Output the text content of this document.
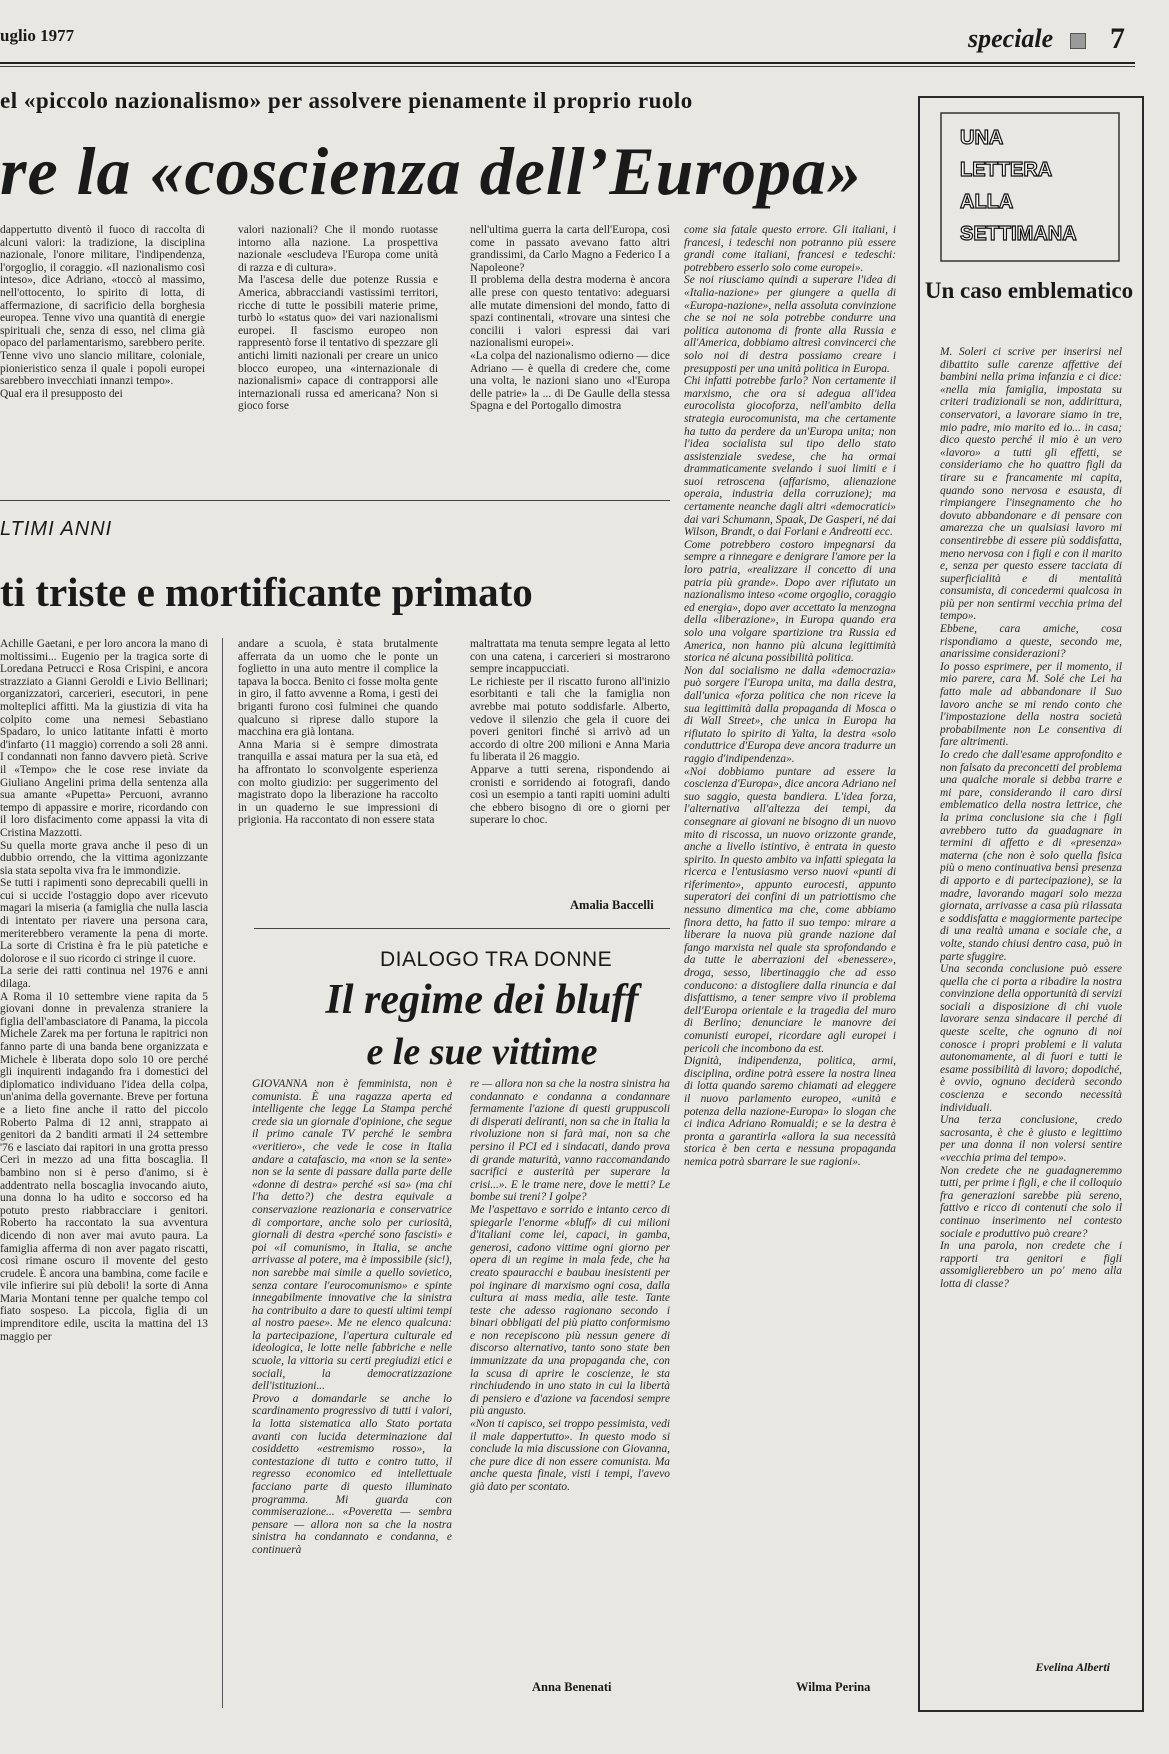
uglio 1977	speciale 7
el «piccolo nazionalismo» per assolvere pienamente il proprio ruolo
re la «coscienza dell’Europa»
dappertutto diventò il fuoco di raccolta di alcuni valori: la tradizione, la disciplina nazionale, l'onore militare, l'indipendenza, l'orgoglio, il coraggio. «Il nazionalismo così inteso», dice Adriano, «toccò al massimo, nell'ottocento, lo spirito di lotta, di affermazione, di sacrificio della borghesia europea. Tenne vivo una quantità di energie spirituali che, senza di esso, nel clima già opaco del parlamentarismo, sarebbero perite. Tenne vivo uno slancio militare, coloniale, pionieristico senza il quale i popoli europei sarebbero invecchiati innanzi tempo».
Qual era il presupposto dei
valori nazionali? Che il mondo ruotasse intorno alla nazione. La prospettiva nazionale «escludeva l'Europa come unità di razza e di cultura».
Ma l'ascesa delle due potenze Russia e America, abbracciandi vastissimi territori, ricche di tutte le possibili materie prime, turbò lo «status quo» dei vari nazionalismi europei. Il fascismo europeo non rappresentò forse il tentativo di spezzare gli antichi limiti nazionali per creare un unico blocco europeo, una «internazionale di nazionalismi» capace di contrapporsi alle internazionali russa ed americana? Non si gioco forse
nell'ultima guerra la carta dell'Europa, così come in passato avevano fatto altri grandissimi, da Carlo Magno a Federico I a Napoleone?
Il problema della destra moderna è ancora alle prese con questo tentativo: adeguarsi alle mutate dimensioni del mondo, fatto di spazi continentali, «trovare una sintesi che concilii i valori espressi dai vari nazionalismi europei».
«La colpa del nazionalismo odierno — dice Adriano — è quella di credere che, come una volta, le nazioni siano uno «l'Europa delle patrie» la ... di De Gaulle della stessa Spagna e del Portogallo dimostra
come sia fatale questo errore. Gli italiani, i francesi, i tedeschi non potranno più essere grandi come italiani, francesi e tedeschi: potrebbero esserlo solo come europei».
Se noi riusciamo quindi a superare l'idea di «Italia-nazione» per giungere a quella di «Europa-nazione», nella assoluta convinzione che se noi ne sola potrebbe condurre una politica autonoma di fronte alla Russia e all'America, dobbiamo altresì convincerci che solo noi di destra possiamo creare i presupposti per una unità politica in Europa.
Chi infatti potrebbe farlo? Non certamente il marxismo, che ora si adegua all'idea eurocolista giocoforza, nell'ambito della strategia eurocomunista, ma che certamente ha tutto da perdere da un'Europa unita; non l'idea socialista sul tipo dello stato assistenziale svedese, che ha ormai drammaticamente svelando i suoi limiti e i suoi retroscena (affarismo, alienazione operaia, industria della corruzione); ma certamente neanche dagli altri «democratici» dai vari Schumann, Spaak, De Gasperi, né dai Wilson, Brandt, o dai Forlani e Andreotti ecc.
Come potrebbero costoro impegnarsi da sempre a rinnegare e denigrare l'amore per la loro patria, «realizzare il concetto di una patria più grande». Dopo aver rifiutato un nazionalismo inteso «come orgoglio, coraggio ed energia», dopo aver accettato la menzogna della «liberazione», in Europa quando era solo una volgare spartizione tra Russia ed America, non hanno più alcuna legittimità storica né alcuna possibilità politica.
Non dal socialismo ne dalla «democrazia» può sorgere l'Europa unita, ma dalla destra, dall'unica «forza politica che non riceve la sua legittimità dalla propaganda di Mosca o di Wall Street», che unica in Europa ha rifiutato lo spirito di Yalta, la destra «solo conduttrice d'Europa deve ancora tradurre un raggio d'indipendenza».
«Noi dobbiamo puntare ad essere la coscienza d'Europa», dice ancora Adriano nel suo saggio, questa bandiera. L'idea forza, l'alternativa all'altezza dei tempi, da consegnare ai giovani ne bisogno di un nuovo mito di riscossa, un nuovo orizzonte grande, anche a livello istintivo, è entrata in questo spirito. In questo ambito va infatti spiegata la ricerca e l'entusiasmo verso nuovi «punti di riferimento», appunto eurocesti, appunto superatori dei confini di un patriottismo che nessuno dimentica ma che, come abbiamo finora detto, ha fatto il suo tempo: mirare a liberare la nuova più grande nazione dal fango marxista nel quale sta sprofondando e da tutte le aberrazioni del «benessere», droga, sesso, libertinaggio che ad esso conducono: a distogliere dalla rinuncia e dal disfattismo, a tener sempre vivo il problema dell'Europa orientale e la tragedia del muro di Berlino; denunciare le manovre dei comunisti europei, ricordare agli europei i pericoli che incombono da est.
Dignità, indipendenza, politica, armi, disciplina, ordine potrà essere la nostra linea di lotta quando saremo chiamati ad eleggere il nuovo parlamento europeo, «unità e potenza della nazione-Europa» lo slogan che ci indica Adriano Romualdi; e se la destra è pronta a garantirla «allora la sua necessità storica è ben certa e nessuna propaganda nemica potrà sbarrare le sue ragioni».
Wilma Perina
LTIMI ANNI
ti triste e mortificante primato
Achille Gaetani, e per loro ancora la mano di moltissimi... Eugenio per la tragica sorte di Loredana Petrucci e Rosa Crispini, e ancora strazziato a Gianni Geroldi e Livio Bellinari; organizzatori, carcerieri, esecutori, in pene molteplici affitti. Ma la giustizia di vita ha colpito come una nemesi Sebastiano Spadaro, lo unico latitante infatti è morto d'infarto (11 maggio) correndo a soli 28 anni. I condannati non fanno davvero pietà. Scrive il «Tempo» che le cose rese inviate da Giuliano Angelini prima della sentenza alla sua amante «Pupetta» Percuoni, avranno tempo di appassire e morire, ricordando con il loro disfacimento come appassi la vita di Cristina Mazzotti.
Su quella morte grava anche il peso di un dubbio orrendo, che la vittima agonizzante sia stata sepolta viva fra le immondizie.
Se tutti i rapimenti sono deprecabili quelli in cui si uccide l'ostaggio dopo aver ricevuto magari la miseria (a famiglia che nulla lascia di intentato per riavere una persona cara, meriterebbero veramente la pena di morte. La sorte di Cristina è fra le più patetiche e dolorose e il suo ricordo ci stringe il cuore.
La serie dei ratti continua nel 1976 e anni dilaga.
A Roma il 10 settembre viene rapita da 5 giovani donne in prevalenza straniere la figlia dell'ambasciatore di Panama, la piccola Michele Zarek ma per fortuna le rapitrici non fanno parte di una banda bene organizzata e Michele è liberata dopo solo 10 ore perché gli inquirenti indagando fra i domestici del diplomatico individuano l'idea della colpa, un'anima della governante. Breve per fortuna e a lieto fine anche il ratto del piccolo Roberto Palma di 12 anni, strappato ai genitori da 2 banditi armati il 24 settembre '76 e lasciato dai rapitori in una grotta presso Ceri in mezzo ad una fitta boscaglia. Il bambino non si è perso d'animo, si è addentrato nella boscaglia invocando aiuto, una donna lo ha udito e soccorso ed ha potuto presto riabbracciare i genitori. Roberto ha raccontato la sua avventura dicendo di non aver mai avuto paura. La famiglia afferma di non aver pagato riscatti, così rimane oscuro il movente del gesto crudele. È ancora una bambina, come facile e vile infierire sui più deboli! la sorte di Anna Maria Montani tenne per qualche tempo col fiato sospeso. La piccola, figlia di un imprenditore edile, uscita la mattina del 13 maggio per
andare a scuola, è stata brutalmente afferrata da un uomo che le ponte un foglietto in una auto mentre il complice la tapava la bocca. Benito ci fosse molta gente in giro, il fatto avvenne a Roma, i gesti dei briganti furono così fulminei che quando qualcuno si riprese dallo stupore la macchina era già lontana.
Anna Maria si è sempre dimostrata tranquilla e assai matura per la sua età, ed ha affrontato lo sconvolgente esperienza con molto giudizio: per suggerimento del magistrato dopo la liberazione ha raccolto in un quaderno le sue impressioni di prigionia. Ha raccontato di non essere stata
maltrattata ma tenuta sempre legata al letto con una catena, i carcerieri si mostrarono sempre incappucciati.
Le richieste per il riscatto furono all'inizio esorbitanti e tali che la famiglia non avrebbe mai potuto soddisfarle. Alberto, vedove il silenzio che gela il cuore dei poveri genitori finché si arrivò ad un accordo di oltre 200 milioni e Anna Maria fu liberata il 26 maggio.
Apparve a tutti serena, rispondendo ai cronisti e sorridendo ai fotografi, dando così un esempio a tanti rapiti uomini adulti che ebbero bisogno di ore o giorni per superare lo choc.
Amalia Baccelli
DIALOGO TRA DONNE
Il regime dei bluff
e le sue vittime
GIOVANNA non è femminista, non è comunista. È una ragazza aperta ed intelligente che legge La Stampa perché crede sia un giornale d'opinione, che segue il primo canale TV perché le sembra «veritiero», che vede le cose in Italia andare a catafascio, ma «non se la sente» non se la sente di passare dalla parte delle «donne di destra» perché «si sa» (ma chi l'ha detto?) che destra equivale a conservazione reazionaria e conservatrice di comportare, anche solo per curiosità, giornali di destra «perché sono fascisti» e poi «il comunismo, in Italia, se anche arrivasse al potere, ma è impossibile (sic!), non sarebbe mai simile a quello sovietico, senza contare l'eurocomunismo» e spinte innegabilmente innovative che la sinistra ha contribuito a dare to questi ultimi tempi al nostro paese». Me ne elenco qualcuna: la partecipazione, l'apertura culturale ed ideologica, le lotte nelle fabbriche e nelle scuole, la vittoria su certi pregiudizi etici e sociali, la democratizzazione dell'istituzioni...
Provo a domandarle se anche lo scardinamento progressivo di tutti i valori, la lotta sistematica allo Stato portata avanti con lucida determinazione dal cosiddetto «estremismo rosso», la contestazione di tutto e contro tutto, il regresso economico ed intellettuale facciano parte di questo illuminato programma. Mi guarda con commiserazione... «Poveretta — sembra pensare — allora non sa che la nostra sinistra ha condannato e condanna, e continuerà
re — allora non sa che la nostra sinistra ha condannato e condanna a condannare fermamente l'azione di questi gruppuscoli di disperati deliranti, non sa che in Italia la rivoluzione non si farà mai, non sa che persino il PCI ed i sindacati, dando prova di grande maturità, vanno raccomandando sacrifici e austerità per superare la crisi...». E le trame nere, dove le metti? Le bombe sui treni? I golpe?
Me l'aspettavo e sorrido e intanto cerco di spiegarle l'enorme «bluff» di cui milioni d'italiani come lei, capaci, in gamba, generosi, cadono vittime ogni giorno per opera di un regime in mala fede, che ha creato spauracchi e baubau inesistenti per poi inginare di marxismo ogni cosa, dalla cultura ai mass media, alle teste. Tante teste che adesso ragionano secondo i binari obbligati del più piatto conformismo e non recepiscono più nessun genere di discorso alternativo, tanto sono state ben immunizzate da una propaganda che, con la scusa di aprire le coscienze, le sta rinchiudendo in uno stato in cui la libertà di pensiero e d'azione va facendosi sempre più angusto.
«Non ti capisco, sei troppo pessimista, vedi il male dappertutto». In questo modo si conclude la mia discussione con Giovanna, che pure dice di non essere comunista. Ma anche questa finale, visti i tempi, l'avevo già dato per scontato.
Anna Benenati
UNA
LETTERA
ALLA
SETTIMANA
Un caso emblematico
M. Soleri ci scrive per inserirsi nel dibattito sulle carenze affettive dei bambini nella prima infanzia e ci dice: «nella mia famiglia, impostata su criteri tradizionali se non, addirittura, conservatori, a lavorare siamo in tre, mio padre, mio marito ed io... in casa; dico questo perché il mio è un vero «lavoro» a tutti gli effetti, se consideriamo che ho quattro figli da tirare su e francamente mi capita, quando sono nervosa e esausta, di rimpiangere l'insegnamento che ho dovuto abbandonare e di pensare con amarezza che un qualsiasi lavoro mi consentirebbe di essere più soddisfatta, meno nervosa con i figli e con il marito e, senza per questo essere tacciata di superficialità e di mentalità consumista, di concedermi qualcosa in più per non sentirmi vecchia prima del tempo».
Ebbene, cara amiche, cosa rispondiamo a queste, secondo me, anarissime considerazioni?
Io posso esprimere, per il momento, il mio parere, cara M. Solé che Lei ha fatto male ad abbandonare il Suo lavoro anche se mi rendo conto che l'impostazione della nostra società probabilmente non Le consentiva di fare altrimenti.
Io credo che dall'esame approfondito e non falsato da preconcetti del problema una qualche morale si debba trarre e mi pare, considerando il caro dirsi emblematico della nostra lettrice, che la prima conclusione sia che i figli avrebbero tutto da guadagnare in termini di affetto e di «presenza» materna (che non è solo quella fisica più o meno continuativa bensì presenza di apporto e di partecipazione), se la madre, lavorando magari solo mezza giornata, arrivasse a casa più rilassata e soddisfatta e maggiormente partecipe di una realtà umana e sociale che, a volte, stando chiusi dentro casa, può in parte sfuggire.
Una seconda conclusione può essere quella che ci porta a ribadire la nostra convinzione della opportunità di servizi sociali a disposizione di chi vuole lavorare senza sindacare il perché di queste scelte, che ognuno di noi conosce i propri problemi e li valuta autonomamente, al di fuori e tutti le esame possibilità di lavoro; dopodiché, è ovvio, ognuno deciderà secondo coscienza e secondo necessità individuali.
Una terza conclusione, credo sacrosanta, è che è giusto e legittimo per una donna il non volersi sentire «vecchia prima del tempo».
Non credete che ne guadagneremmo tutti, per prime i figli, e che il colloquio fra generazioni sarebbe più sereno, fattivo e ricco di contenuti che solo il continuo inserimento nel contesto sociale e produttivo può creare?
In una parola, non credete che i rapporti tra genitori e figli assomiglierebbero un po' meno alla lotta di classe?
Evelina Alberti
